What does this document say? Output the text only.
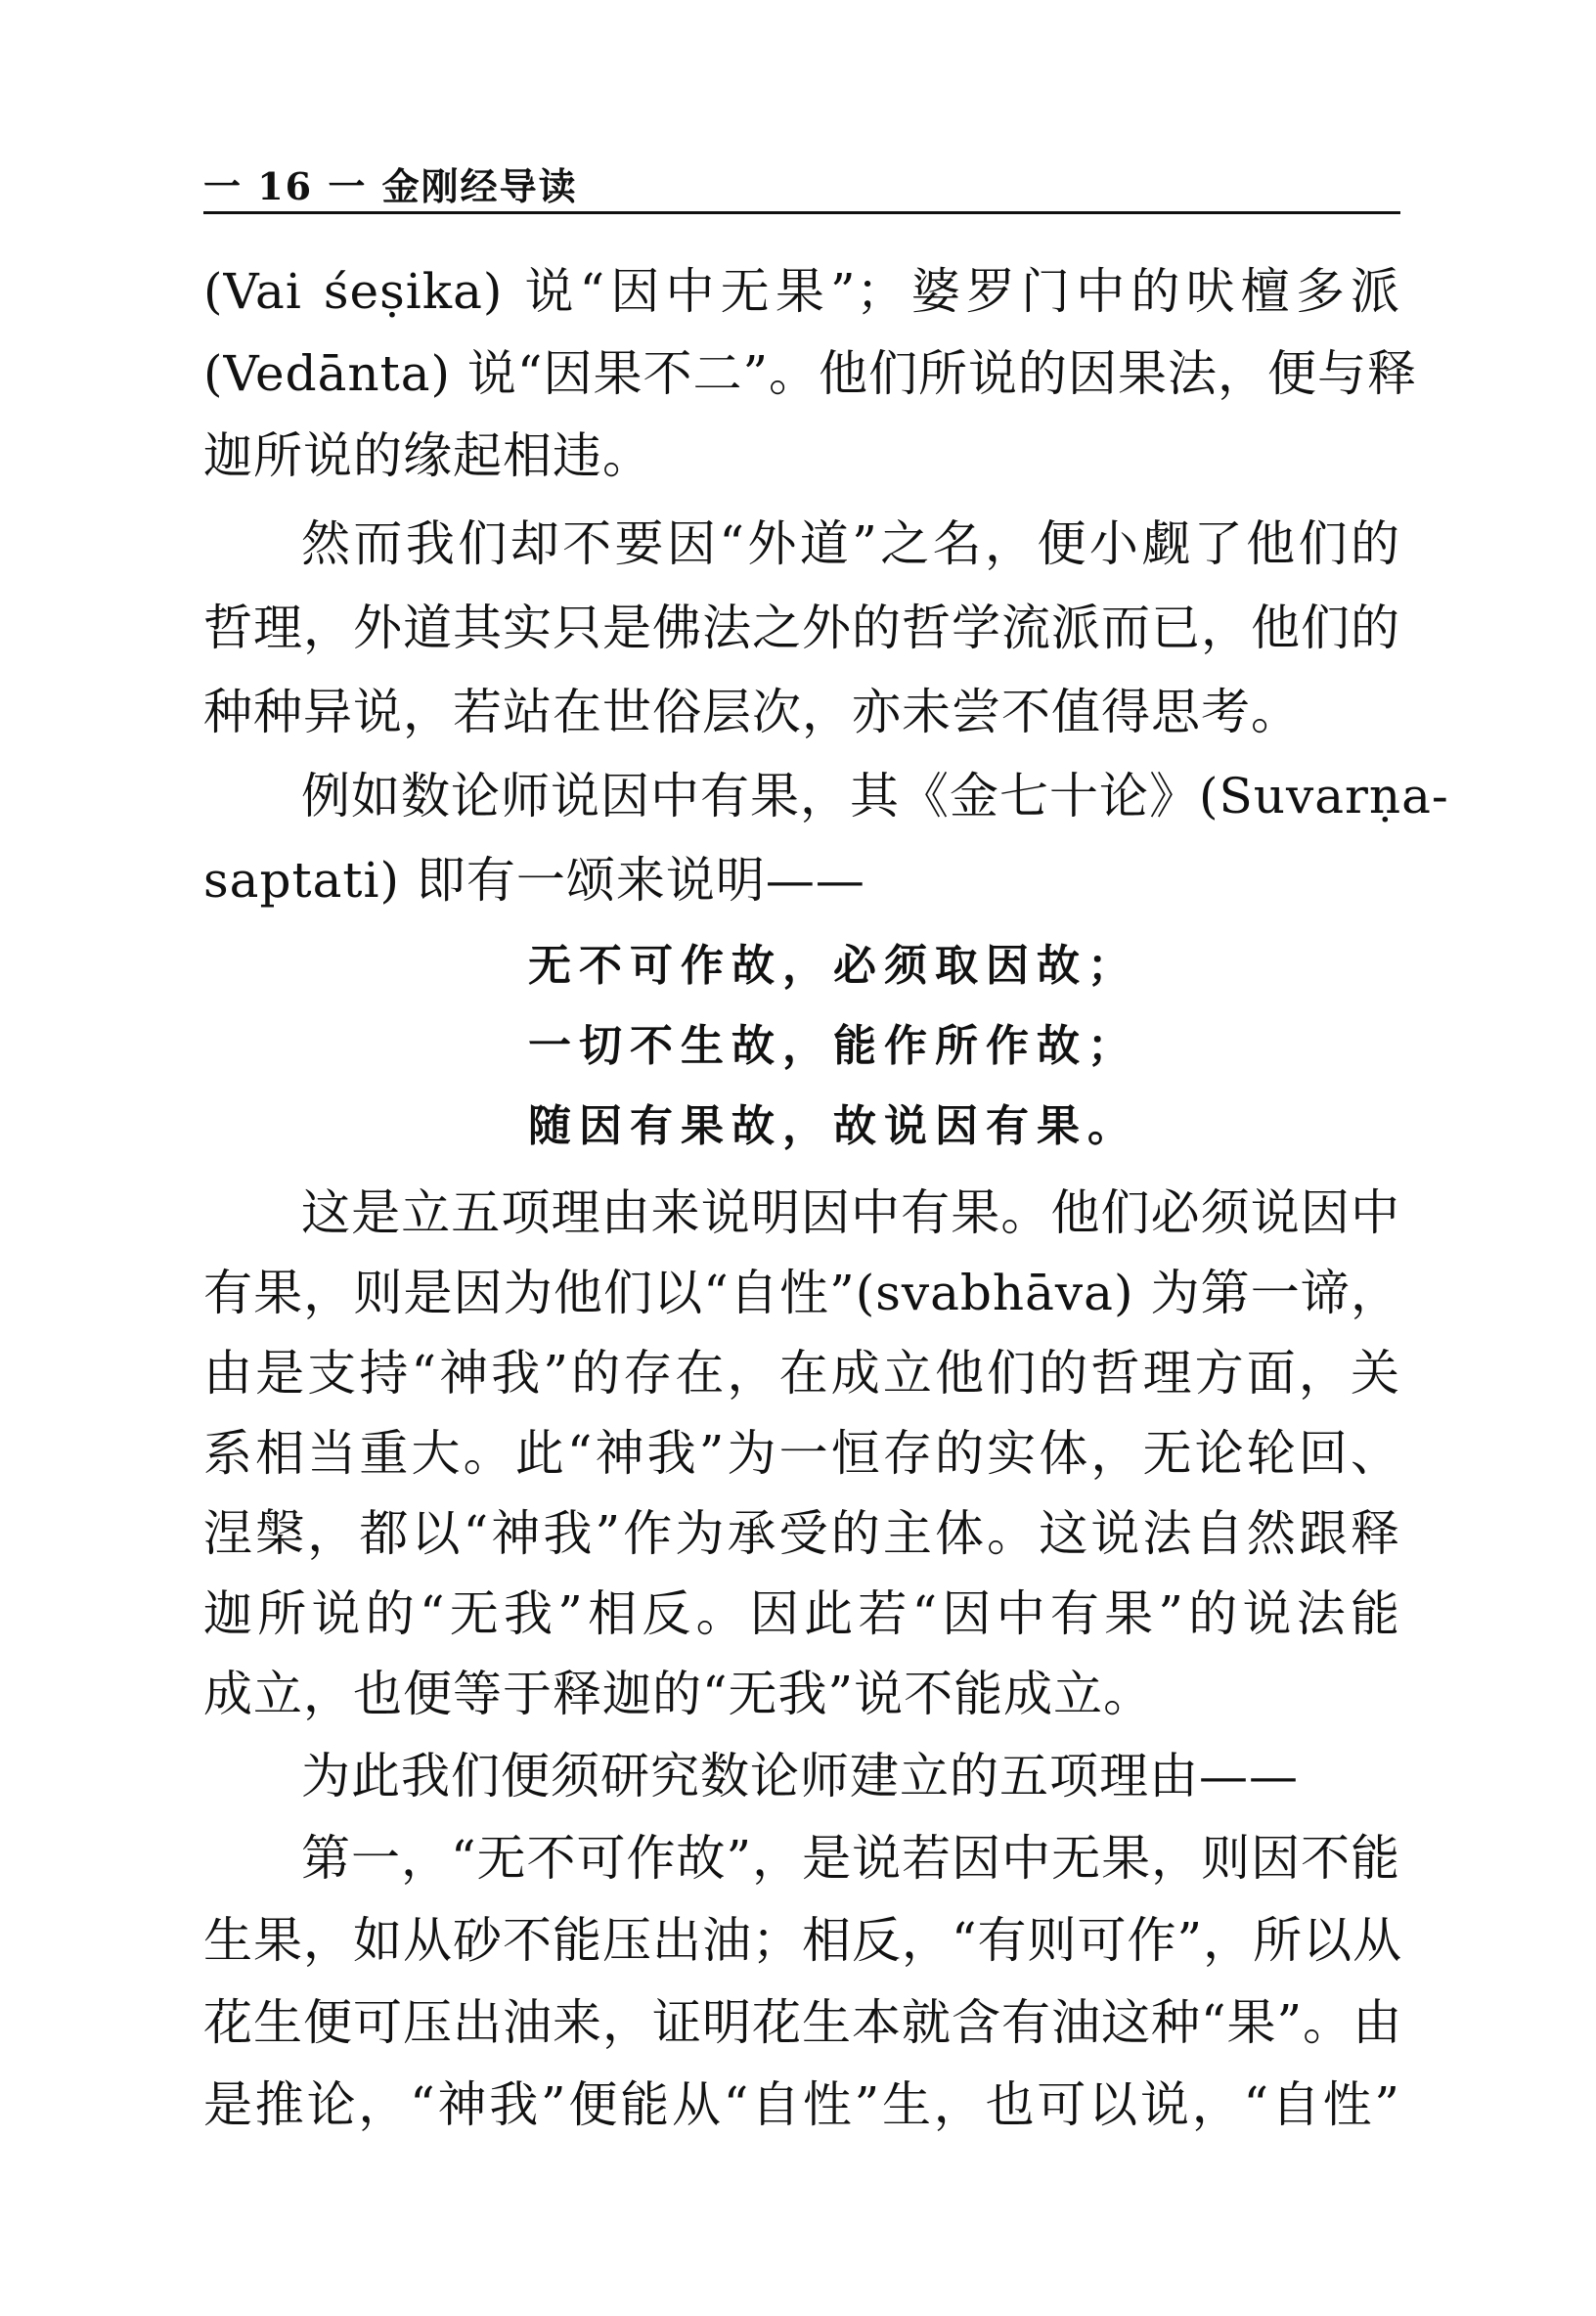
一 16 一 金刚经导读
(Vai śeṣika) 说“因中无果”；婆罗门中的吠檀多派
(Vedānta) 说“因果不二”。他们所说的因果法，便与释
迦所说的缘起相违。
然而我们却不要因“外道”之名，便小觑了他们的
哲理，外道其实只是佛法之外的哲学流派而已，他们的
种种异说，若站在世俗层次，亦未尝不值得思考。
例如数论师说因中有果，其《金七十论》(Suvarṇa-
saptati) 即有一颂来说明——
无不可作故，必须取因故；
一切不生故，能作所作故；
随因有果故，故说因有果。
这是立五项理由来说明因中有果。他们必须说因中
有果，则是因为他们以“自性”(svabhāva) 为第一谛，
由是支持“神我”的存在，在成立他们的哲理方面，关
系相当重大。此“神我”为一恒存的实体，无论轮回、
涅槃，都以“神我”作为承受的主体。这说法自然跟释
迦所说的“无我”相反。因此若“因中有果”的说法能
成立，也便等于释迦的“无我”说不能成立。
为此我们便须研究数论师建立的五项理由——
第一，“无不可作故”，是说若因中无果，则因不能
生果，如从砂不能压出油；相反，“有则可作”，所以从
花生便可压出油来，证明花生本就含有油这种“果”。由
是推论，“神我”便能从“自性”生，也可以说，“自性”
